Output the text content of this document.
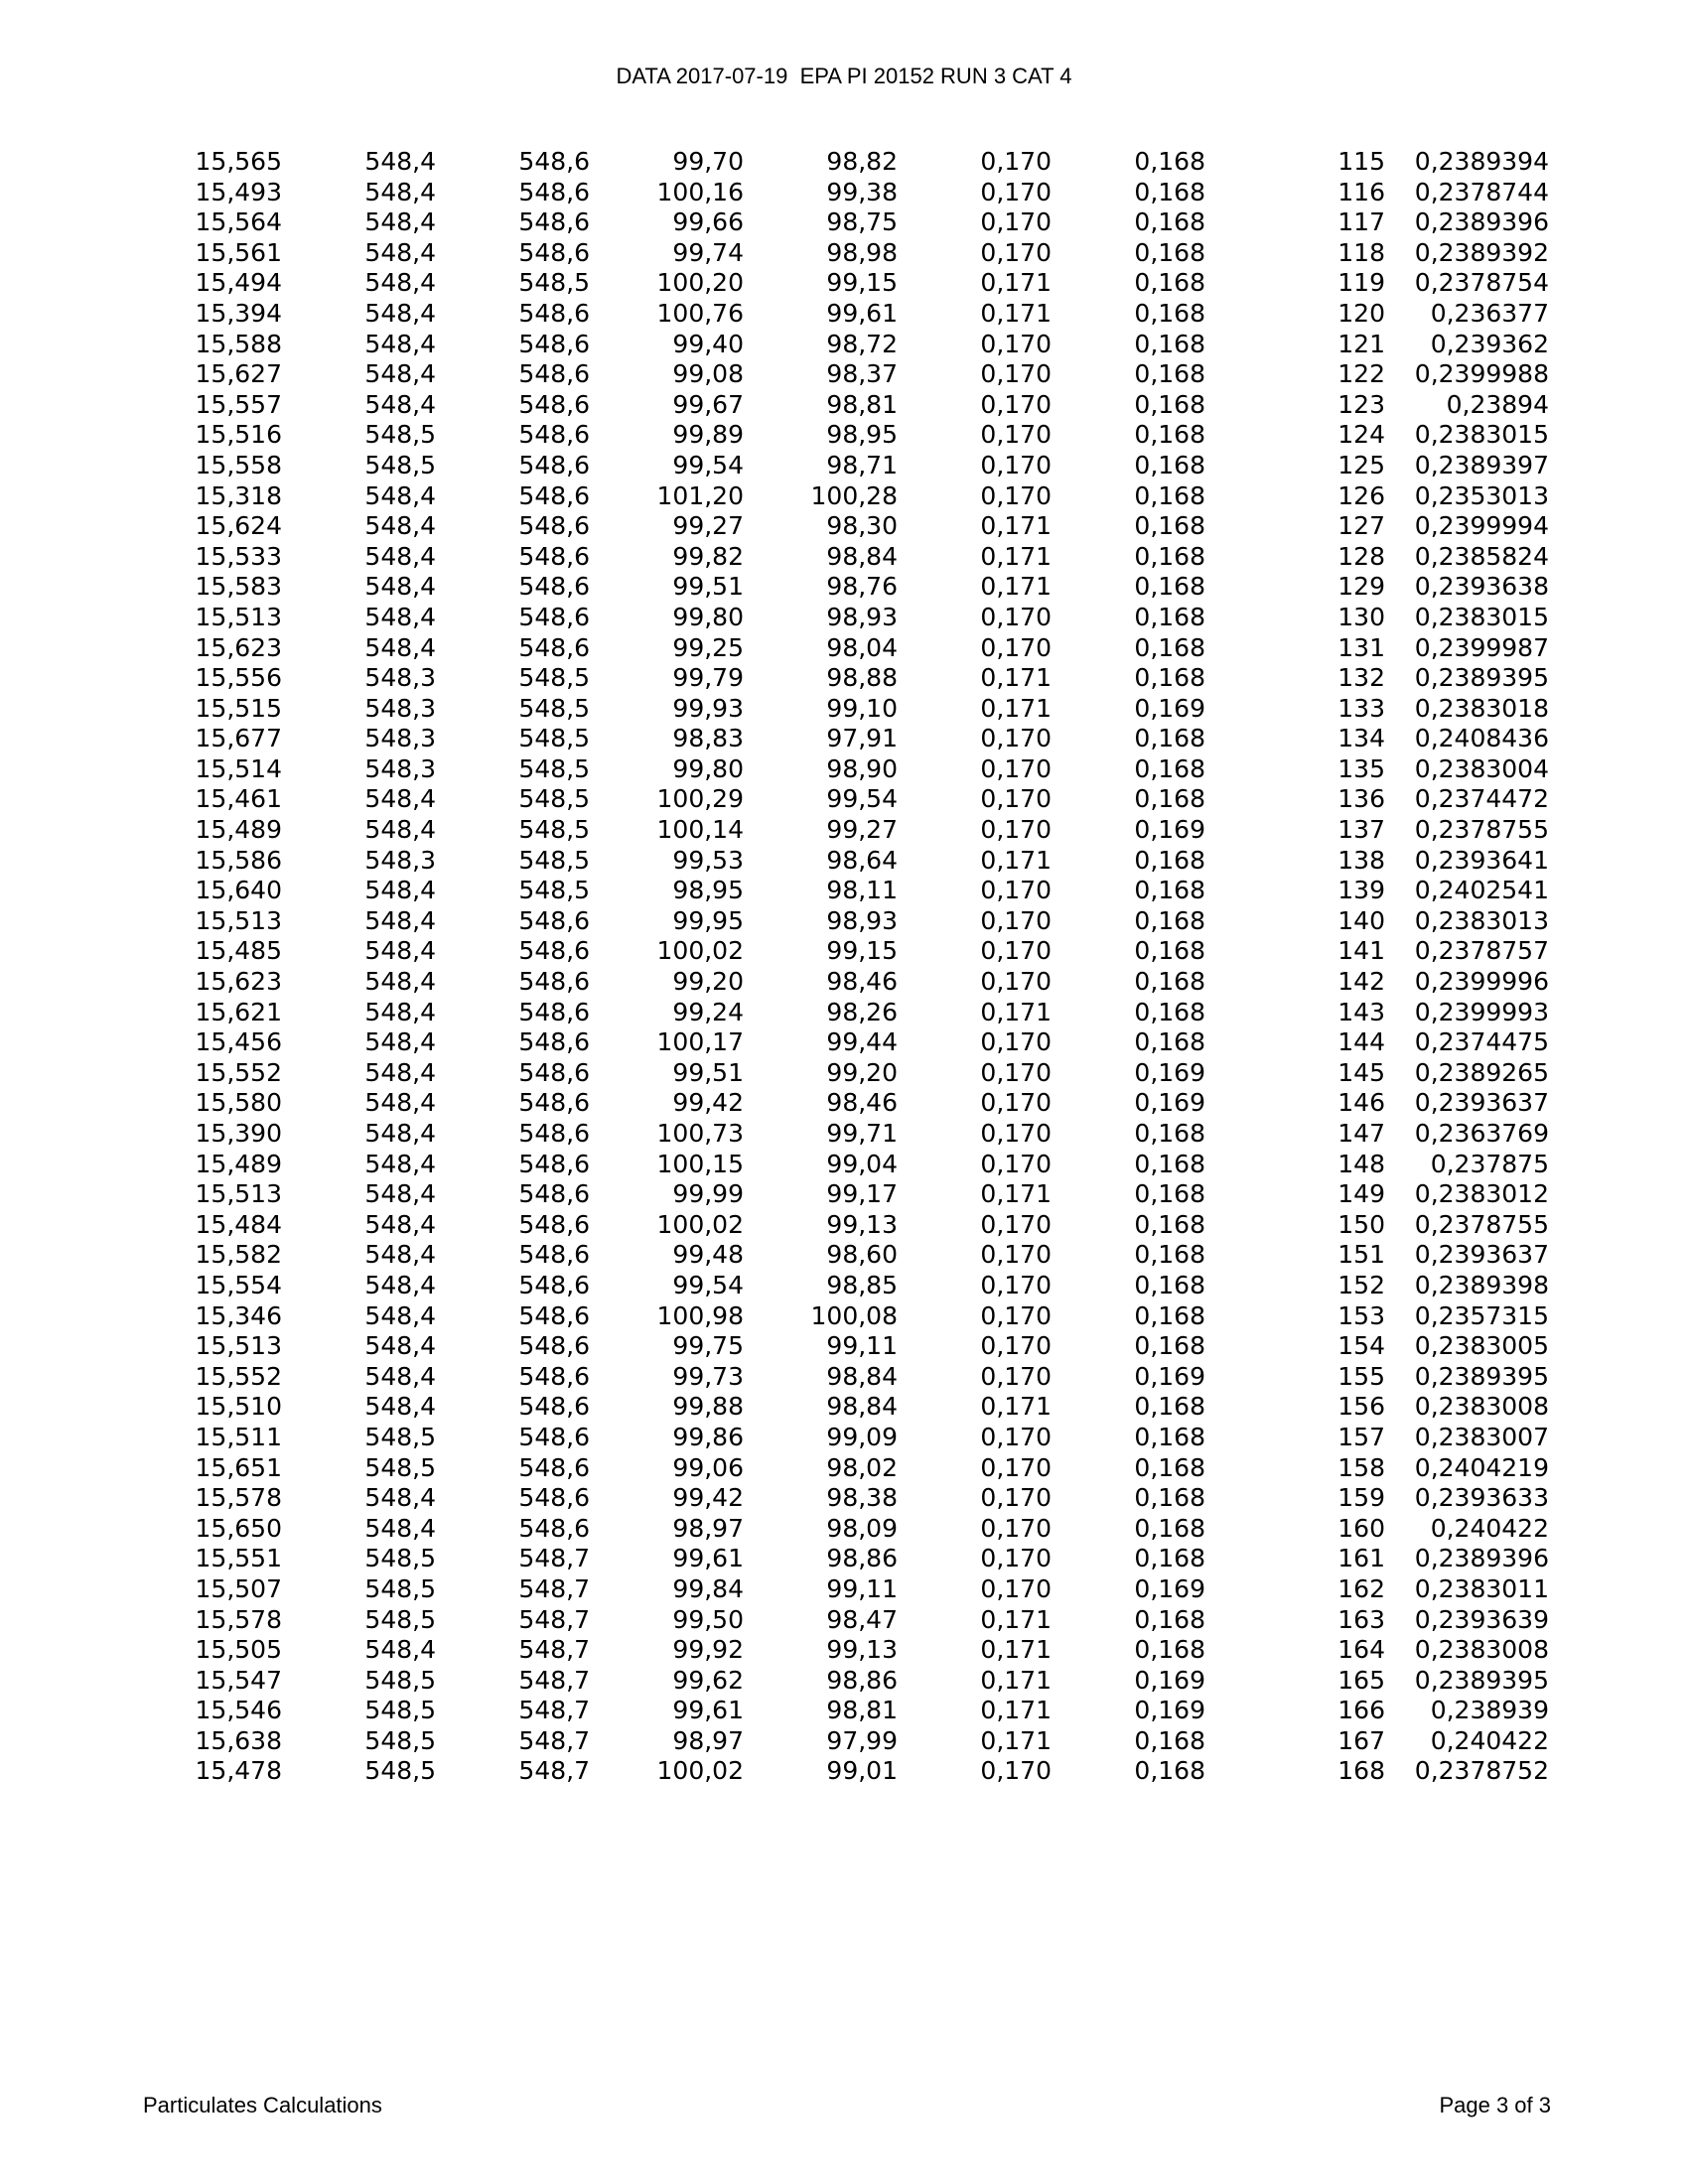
DATA 2017-07-19  EPA PI 20152 RUN 3 CAT 4
15,565	548,4	548,6	99,70	98,82	0,170	0,168	115	0,2389394
15,493	548,4	548,6	100,16	99,38	0,170	0,168	116	0,2378744
15,564	548,4	548,6	99,66	98,75	0,170	0,168	117	0,2389396
15,561	548,4	548,6	99,74	98,98	0,170	0,168	118	0,2389392
15,494	548,4	548,5	100,20	99,15	0,171	0,168	119	0,2378754
15,394	548,4	548,6	100,76	99,61	0,171	0,168	120	0,236377
15,588	548,4	548,6	99,40	98,72	0,170	0,168	121	0,239362
15,627	548,4	548,6	99,08	98,37	0,170	0,168	122	0,2399988
15,557	548,4	548,6	99,67	98,81	0,170	0,168	123	0,23894
15,516	548,5	548,6	99,89	98,95	0,170	0,168	124	0,2383015
15,558	548,5	548,6	99,54	98,71	0,170	0,168	125	0,2389397
15,318	548,4	548,6	101,20	100,28	0,170	0,168	126	0,2353013
15,624	548,4	548,6	99,27	98,30	0,171	0,168	127	0,2399994
15,533	548,4	548,6	99,82	98,84	0,171	0,168	128	0,2385824
15,583	548,4	548,6	99,51	98,76	0,171	0,168	129	0,2393638
15,513	548,4	548,6	99,80	98,93	0,170	0,168	130	0,2383015
15,623	548,4	548,6	99,25	98,04	0,170	0,168	131	0,2399987
15,556	548,3	548,5	99,79	98,88	0,171	0,168	132	0,2389395
15,515	548,3	548,5	99,93	99,10	0,171	0,169	133	0,2383018
15,677	548,3	548,5	98,83	97,91	0,170	0,168	134	0,2408436
15,514	548,3	548,5	99,80	98,90	0,170	0,168	135	0,2383004
15,461	548,4	548,5	100,29	99,54	0,170	0,168	136	0,2374472
15,489	548,4	548,5	100,14	99,27	0,170	0,169	137	0,2378755
15,586	548,3	548,5	99,53	98,64	0,171	0,168	138	0,2393641
15,640	548,4	548,5	98,95	98,11	0,170	0,168	139	0,2402541
15,513	548,4	548,6	99,95	98,93	0,170	0,168	140	0,2383013
15,485	548,4	548,6	100,02	99,15	0,170	0,168	141	0,2378757
15,623	548,4	548,6	99,20	98,46	0,170	0,168	142	0,2399996
15,621	548,4	548,6	99,24	98,26	0,171	0,168	143	0,2399993
15,456	548,4	548,6	100,17	99,44	0,170	0,168	144	0,2374475
15,552	548,4	548,6	99,51	99,20	0,170	0,169	145	0,2389265
15,580	548,4	548,6	99,42	98,46	0,170	0,169	146	0,2393637
15,390	548,4	548,6	100,73	99,71	0,170	0,168	147	0,2363769
15,489	548,4	548,6	100,15	99,04	0,170	0,168	148	0,237875
15,513	548,4	548,6	99,99	99,17	0,171	0,168	149	0,2383012
15,484	548,4	548,6	100,02	99,13	0,170	0,168	150	0,2378755
15,582	548,4	548,6	99,48	98,60	0,170	0,168	151	0,2393637
15,554	548,4	548,6	99,54	98,85	0,170	0,168	152	0,2389398
15,346	548,4	548,6	100,98	100,08	0,170	0,168	153	0,2357315
15,513	548,4	548,6	99,75	99,11	0,170	0,168	154	0,2383005
15,552	548,4	548,6	99,73	98,84	0,170	0,169	155	0,2389395
15,510	548,4	548,6	99,88	98,84	0,171	0,168	156	0,2383008
15,511	548,5	548,6	99,86	99,09	0,170	0,168	157	0,2383007
15,651	548,5	548,6	99,06	98,02	0,170	0,168	158	0,2404219
15,578	548,4	548,6	99,42	98,38	0,170	0,168	159	0,2393633
15,650	548,4	548,6	98,97	98,09	0,170	0,168	160	0,240422
15,551	548,5	548,7	99,61	98,86	0,170	0,168	161	0,2389396
15,507	548,5	548,7	99,84	99,11	0,170	0,169	162	0,2383011
15,578	548,5	548,7	99,50	98,47	0,171	0,168	163	0,2393639
15,505	548,4	548,7	99,92	99,13	0,171	0,168	164	0,2383008
15,547	548,5	548,7	99,62	98,86	0,171	0,169	165	0,2389395
15,546	548,5	548,7	99,61	98,81	0,171	0,169	166	0,238939
15,638	548,5	548,7	98,97	97,99	0,171	0,168	167	0,240422
15,478	548,5	548,7	100,02	99,01	0,170	0,168	168	0,2378752
Particulates Calculations	Page 3 of 3
